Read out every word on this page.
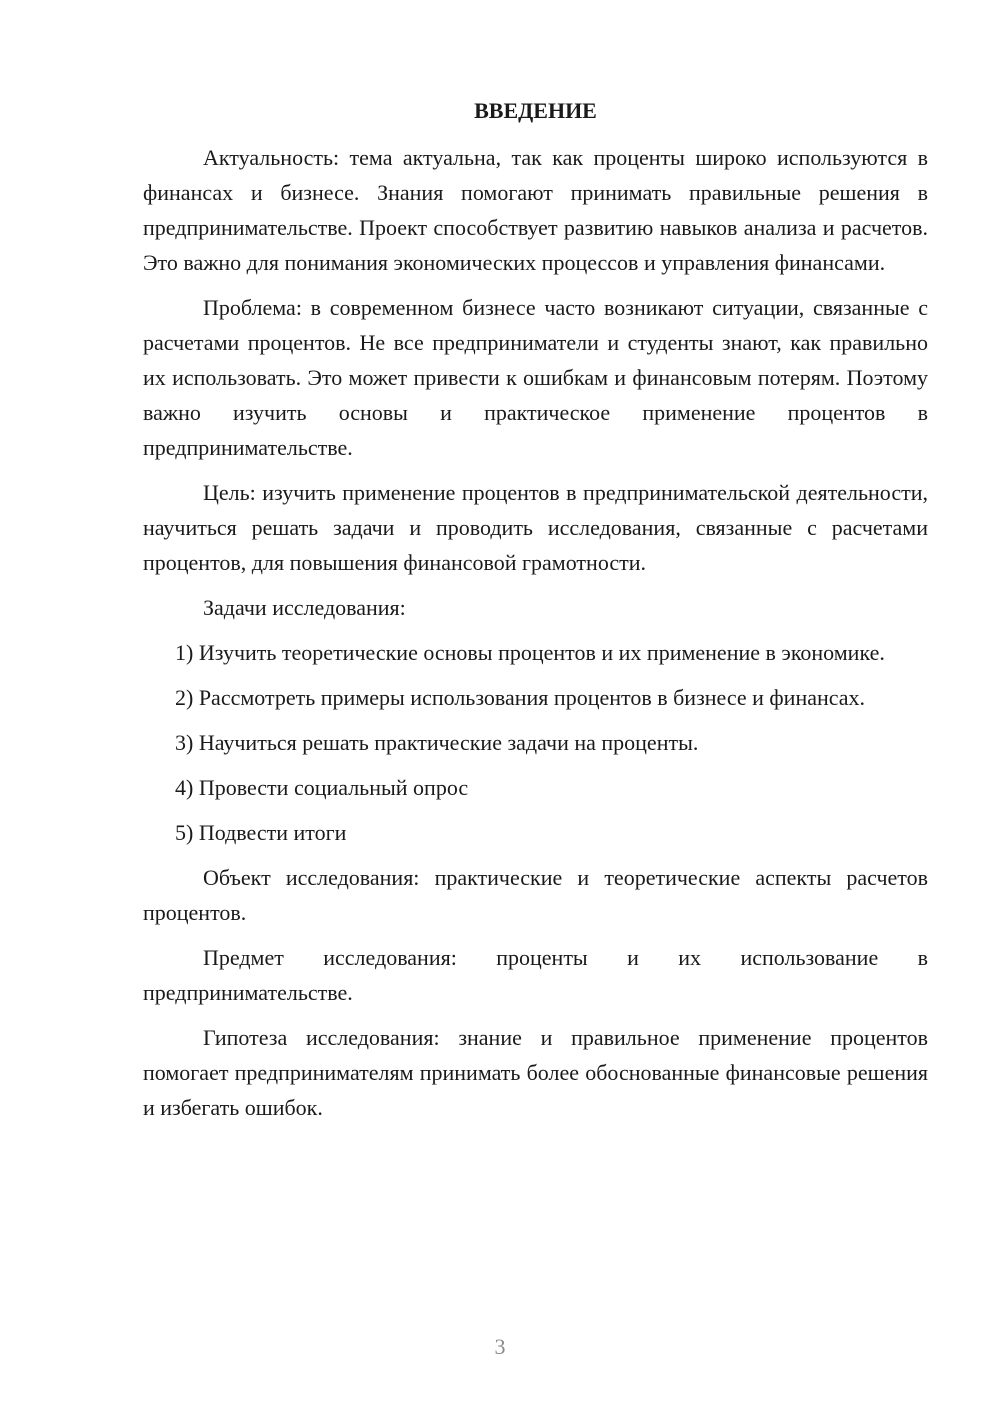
ВВЕДЕНИЕ

Актуальность: тема актуальна, так как проценты широко используются в финансах и бизнесе. Знания помогают принимать правильные решения в предпринимательстве. Проект способствует развитию навыков анализа и расчетов. Это важно для понимания экономических процессов и управления финансами.

Проблема: в современном бизнесе часто возникают ситуации, связанные с расчетами процентов. Не все предприниматели и студенты знают, как правильно их использовать. Это может привести к ошибкам и финансовым потерям. Поэтому важно изучить основы и практическое применение процентов в предпринимательстве.

Цель: изучить применение процентов в предпринимательской деятельности, научиться решать задачи и проводить исследования, связанные с расчетами процентов, для повышения финансовой грамотности.

Задачи исследования:

1) Изучить теоретические основы процентов и их применение в экономике.

2) Рассмотреть примеры использования процентов в бизнесе и финансах.

3) Научиться решать практические задачи на проценты.

4) Провести социальный опрос

5) Подвести итоги

Объект исследования: практические и теоретические аспекты расчетов процентов.

Предмет исследования: проценты и их использование в предпринимательстве.

Гипотеза исследования: знание и правильное применение процентов помогает предпринимателям принимать более обоснованные финансовые решения и избегать ошибок.

3
